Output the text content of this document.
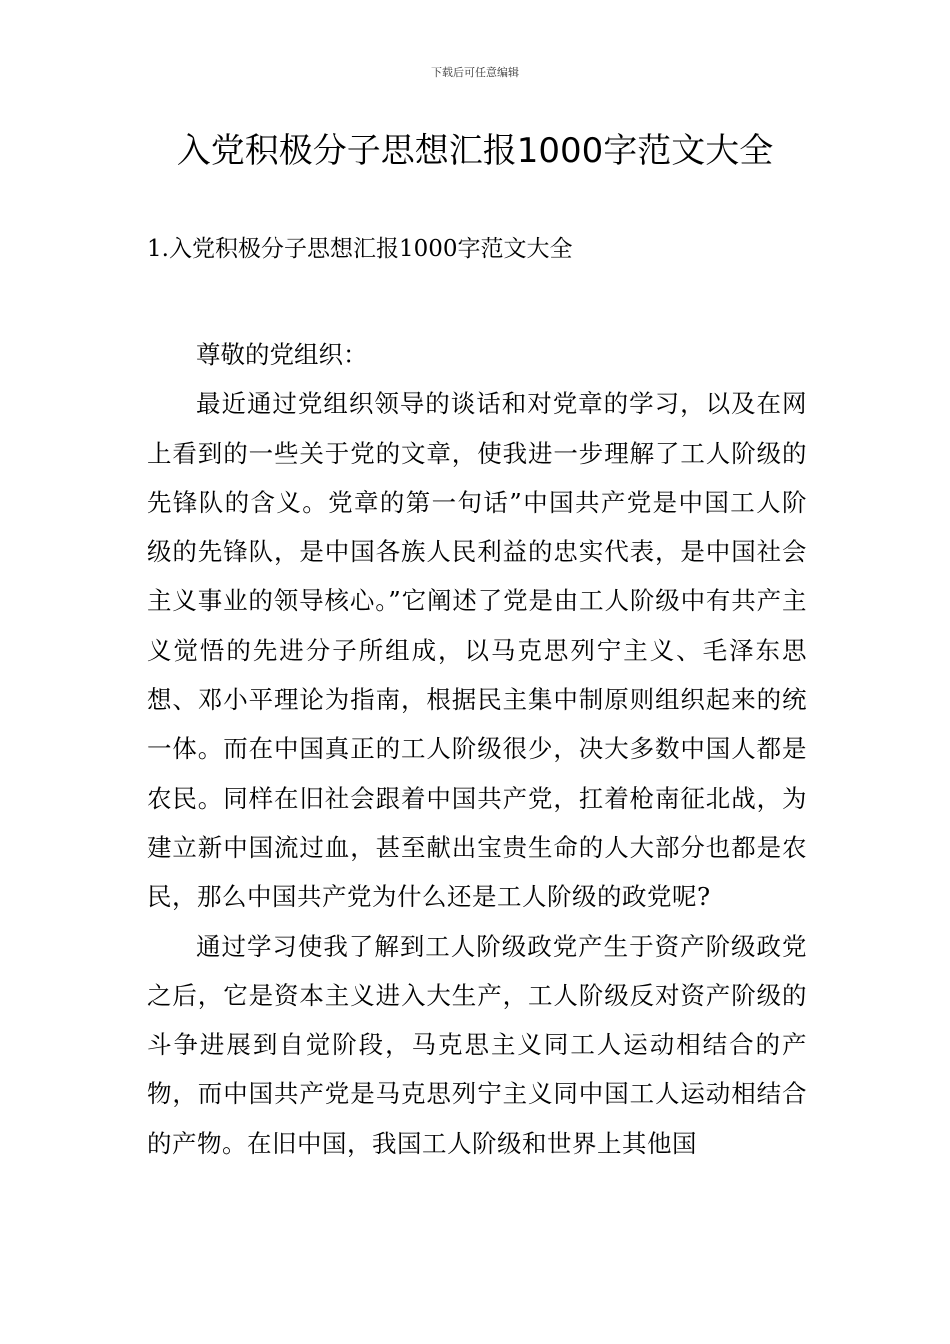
下载后可任意编辑
入党积极分子思想汇报1000字范文大全
1.入党积极分子思想汇报1000字范文大全

尊敬的党组织：

最近通过党组织领导的谈话和对党章的学习，以及在网上看到的一些关于党的文章，使我进一步理解了工人阶级的先锋队的含义。党章的第一句话”中国共产党是中国工人阶级的先锋队，是中国各族人民利益的忠实代表，是中国社会主义事业的领导核心。”它阐述了党是由工人阶级中有共产主义觉悟的先进分子所组成，以马克思列宁主义、毛泽东思想、邓小平理论为指南，根据民主集中制原则组织起来的统一体。而在中国真正的工人阶级很少，决大多数中国人都是农民。同样在旧社会跟着中国共产党，扛着枪南征北战，为建立新中国流过血，甚至献出宝贵生命的人大部分也都是农民，那么中国共产党为什么还是工人阶级的政党呢?

通过学习使我了解到工人阶级政党产生于资产阶级政党之后，它是资本主义进入大生产，工人阶级反对资产阶级的斗争进展到自觉阶段，马克思主义同工人运动相结合的产物，而中国共产党是马克思列宁主义同中国工人运动相结合的产物。在旧中国，我国工人阶级和世界上其他国
